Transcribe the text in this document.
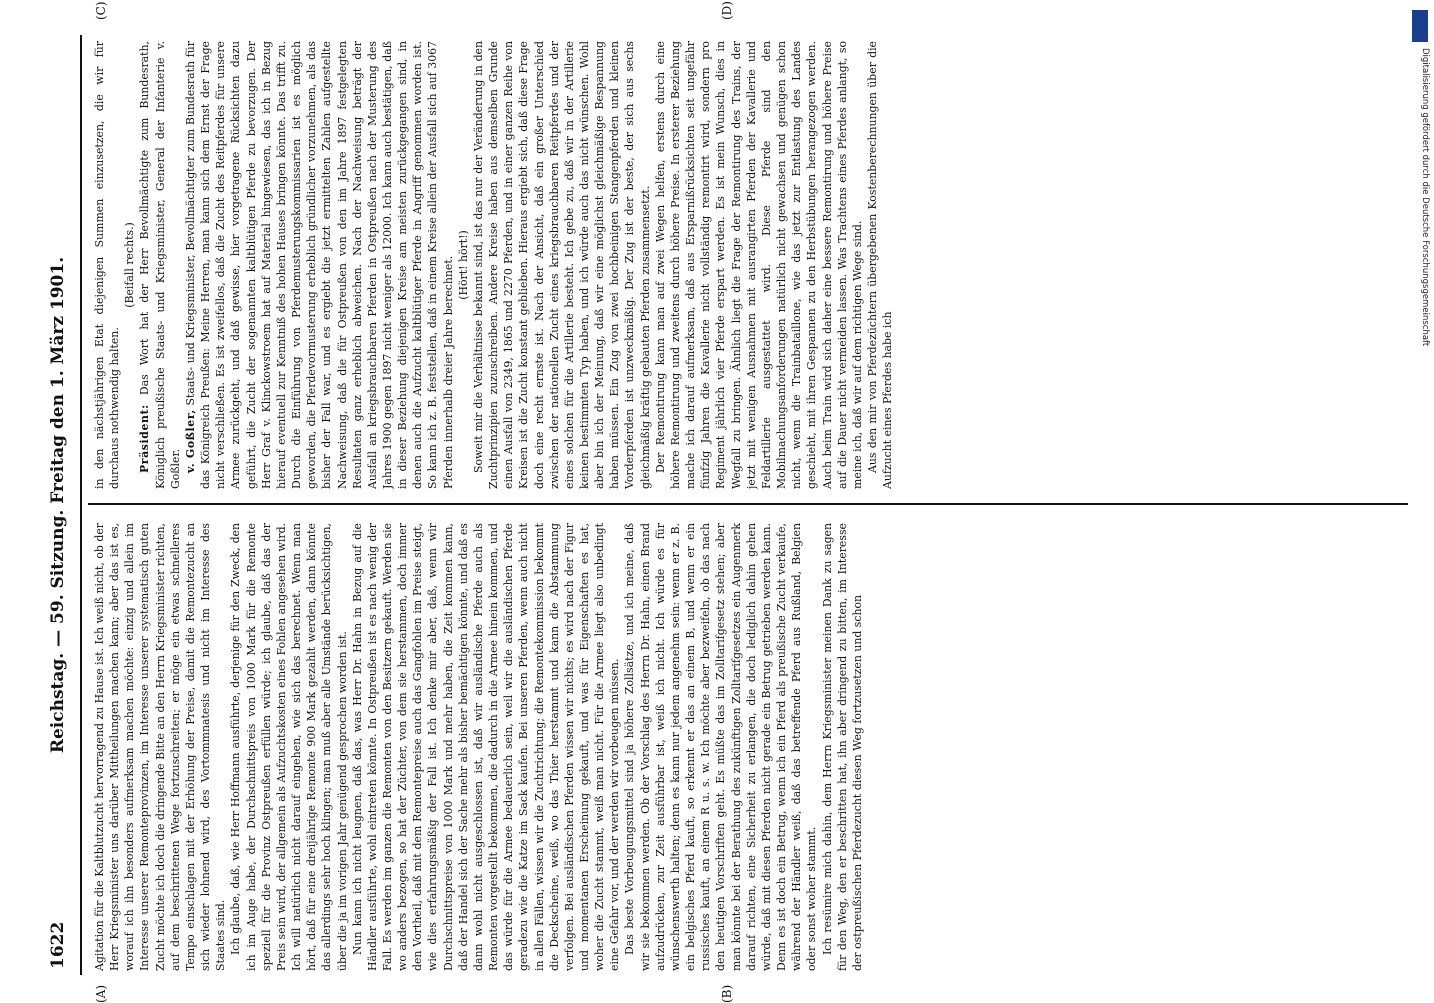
1622
Reichstag. — 59. Sitzung. Freitag den 1. März 1901.
(A)	(B)
(C)	(D)

Agitation für die Kaltblutzucht hervorragend zu Hause ist. Ich weiß nicht, ob der Herr Kriegsminister uns darüber Mittheilungen machen kann; aber das ist es, worauf ich ihn besonders aufmerksam machen möchte: einzig und allein im Interesse unserer Remonteprovinzen, im Interesse unserer systematisch guten Zucht möchte ich doch die dringende Bitte an den Herrn Kriegsminister richten, auf dem beschrittenen Wege fortzuschreiten; er möge ein etwas schnelleres Tempo einschlagen mit der Erhöhung der Preise, damit die Remontezucht an sich wieder lohnend wird, des Vortommnatesis und nicht im Interesse des Staates sind. Ich glaube, daß, wie Herr Hoffmann ausführte, derjenige für den Zweck, den ich im Auge habe, der Durchschnittspreis von 1000 Mark für die Remonte speziell für die Provinz Ostpreußen erfüllen würde; ich glaube, daß das der Preis sein wird, der allgemein als Aufzuchtskosten eines Fohlen angesehen wird. Ich will natürlich nicht darauf eingehen, wie sich das berechnet. Wenn man hört, daß für eine dreijährige Remonte 900 Mark gezahlt werden, dann könnte das allerdings sehr hoch klingen; man muß aber alle Umstände berücksichtigen, über die ja im vorigen Jahr genügend gesprochen worden ist. Nun kann ich nicht leugnen, daß das, was Herr Dr. Hahn in Bezug auf die Händler ausführte, wohl eintreten könnte. In Ostpreußen ist es nach wenig der Fall. Es werden im ganzen die Remonten von den Besitzern gekauft. Werden sie wo anders bezogen, so hat der Züchter, von dem sie herstammen, doch immer den Vortheil, daß mit dem Remontepreise auch das Gangfohlen im Preise steigt, wie dies erfahrungsmäßig der Fall ist. Ich denke mir aber, daß, wenn wir Durchschnittspreise von 1000 Mark und mehr haben, die Zeit kommen kann, daß der Handel sich der Sache mehr als bisher bemächtigen könnte, und daß es dann wohl nicht ausgeschlossen ist, daß wir ausländische Pferde auch als Remonten vorgestellt bekommen, die dadurch in die Armee hinein kommen, und das würde für die Armee bedauerlich sein, weil wir die ausländischen Pferde geradezu wie die Katze im Sack kaufen. Bei unseren Pferden, wenn auch nicht in allen Fällen, wissen wir die Zuchtrichtung; die Remontekommission bekommt die Deckscheine, weiß, wo das Thier herstammt und kann die Abstammung verfolgen. Bei ausländischen Pferden wissen wir nichts; es wird nach der Figur und momentanen Erscheinung gekauft, und was für Eigenschaften es hat, woher die Zucht stammt, weiß man nicht. Für die Armee liegt also unbedingt eine Gefahr vor, und der werden wir vorbeugen müssen. Das beste Vorbeugungsmittel sind ja höhere Zollsätze, und ich meine, daß wir sie bekommen werden. Ob der Vorschlag des Herrn Dr. Hahn, einen Brand aufzudrücken, zur Zeit ausführbar ist, weiß ich nicht. Ich würde es für wünschenswerth halten; denn es kann nur jedem angenehm sein: wenn er z. B. ein belgisches Pferd kauft, so erkennt er das an einem B, und wenn er ein russisches kauft, an einem R u. s. w. Ich möchte aber bezweifeln, ob das nach den heutigen Vorschriften geht. Es müßte das im Zolltarifgesetz stehen; aber man könnte bei der Berathung des zukünftigen Zolltarifgesetzes ein Augenmerk darauf richten, eine Sicherheit zu erlangen, die doch lediglich dahin gehen würde, daß mit diesen Pferden nicht gerade ein Betrug getrieben werden kann. Denn es ist doch ein Betrug, wenn ich ein Pferd als preußische Zucht verkaufe, während der Händler weiß, daß das betreffende Pferd aus Rußland, Belgien oder sonst woher stammt. Ich resümire mich dahin, dem Herrn Kriegsminister meinen Dank zu sagen für den Weg, den er beschritten hat, ihn aber dringend zu bitten, im Interesse der ostpreußischen Pferdezucht diesen Weg fortzusetzen und schon

in den nächstjährigen Etat diejenigen Summen einzusetzen, die wir für durchaus nothwendig halten.

(Beifall rechts.)

Präsident: Das Wort hat der Herr Bevollmächtigte zum Bundesrath, Königlich preußische Staats- und Kriegsminister, General der Infanterie v. Goßler. v. Goßler, Staats- und Kriegsminister, Bevollmächtigter zum Bundesrath für das Königreich Preußen: Meine Herren, man kann sich dem Ernst der Frage nicht verschließen. Es ist zweifellos, daß die Zucht des Reitpferdes für unsere Armee zurückgeht, und daß gewisse, hier vorgetragene Rücksichten dazu geführt, die Zucht der sogenannten kaltblütigen Pferde zu bevorzugen. Der Herr Graf v. Klinckowstroem hat auf Material hingewiesen, das ich in Bezug hierauf eventuell zur Kenntniß des hohen Hauses bringen könnte. Das trifft zu. Durch die Einführung von Pferdemusterungskommissarien ist es möglich geworden, die Pferdevormusterung erheblich gründlicher vorzunehmen, als das bisher der Fall war, und es ergiebt die jetzt ermittelten Zahlen aufgestellte Nachweisung, daß die für Ostpreußen von den im Jahre 1897 festgelegten Resultaten ganz erheblich abweichen. Nach der Nachweisung beträgt der Ausfall an kriegsbrauchbaren Pferden in Ostpreußen nach der Musterung des Jahres 1900 gegen 1897 nicht weniger als 12000. Ich kann auch bestätigen, daß in dieser Beziehung diejenigen Kreise am meisten zurückgegangen sind, in denen auch die Aufzucht kaltblütiger Pferde in Angriff genommen worden ist. So kann ich z. B. feststellen, daß in einem Kreise allein der Ausfall sich auf 3067 Pferden innerhalb dreier Jahre berechnet. (Hört! hört!) Soweit mir die Verhältnisse bekannt sind, ist das nur der Veränderung in den Zuchtprinzipien zuzuschreiben. Andere Kreise haben aus demselben Grunde einen Ausfall von 2349, 1865 und 2270 Pferden, und in einer ganzen Reihe von Kreisen ist die Zucht konstant geblieben. Hieraus ergiebt sich, daß diese Frage doch eine recht ernste ist. Nach der Ansicht, daß ein großer Unterschied zwischen der nationellen Zucht eines kriegsbrauchbaren Reitpferdes und der eines solchen für die Artillerie besteht. Ich gebe zu, daß wir in der Artillerie keinen bestimmten Typ haben, und ich würde auch das nicht wünschen. Wohl aber bin ich der Meinung, daß wir eine möglichst gleichmäßige Bespannung haben müssen. Ein Zug von zwei hochbeinigen Stangenpferden und kleinen Vorderpferden ist unzweckmäßig. Der Zug ist der beste, der sich aus sechs gleichmäßig kräftig gebauten Pferden zusammensetzt. Der Remontirung kann man auf zwei Wegen helfen, erstens durch eine höhere Remontirung und zweitens durch höhere Preise. In ersterer Beziehung mache ich darauf aufmerksam, daß aus Ersparnißrücksichten seit ungefähr fünfzig Jahren die Kavallerie nicht vollständig remontirt wird, sondern pro Regiment jährlich vier Pferde erspart werden. Es ist mein Wunsch, dies in Wegfall zu bringen. Ähnlich liegt die Frage der Remontirung des Trains, der jetzt mit wenigen Ausnahmen mit ausrangirten Pferden der Kavallerie und Feldartillerie ausgestattet wird. Diese Pferde sind den Mobilmachungsanforderungen natürlich nicht gewachsen und genügen schon nicht, wenn die Trainbataillone, wie das jetzt zur Entlastung des Landes geschieht, mit ihren Gespannen zu den Herbstübungen herangezogen werden. Auch beim Train wird sich daher eine bessere Remontirung und höhere Preise auf die Dauer nicht vermeiden lassen. Was Trachtens eines Pferdes anlangt, so meine ich, daß wir auf dem richtigen Wege sind. Aus den mir von Pferdezüchtern übergebenen Kostenberechnungen über die Aufzucht eines Pferdes habe ich

Digitalisierung gefördert durch die Deutsche Forschungsgemeinschaft
